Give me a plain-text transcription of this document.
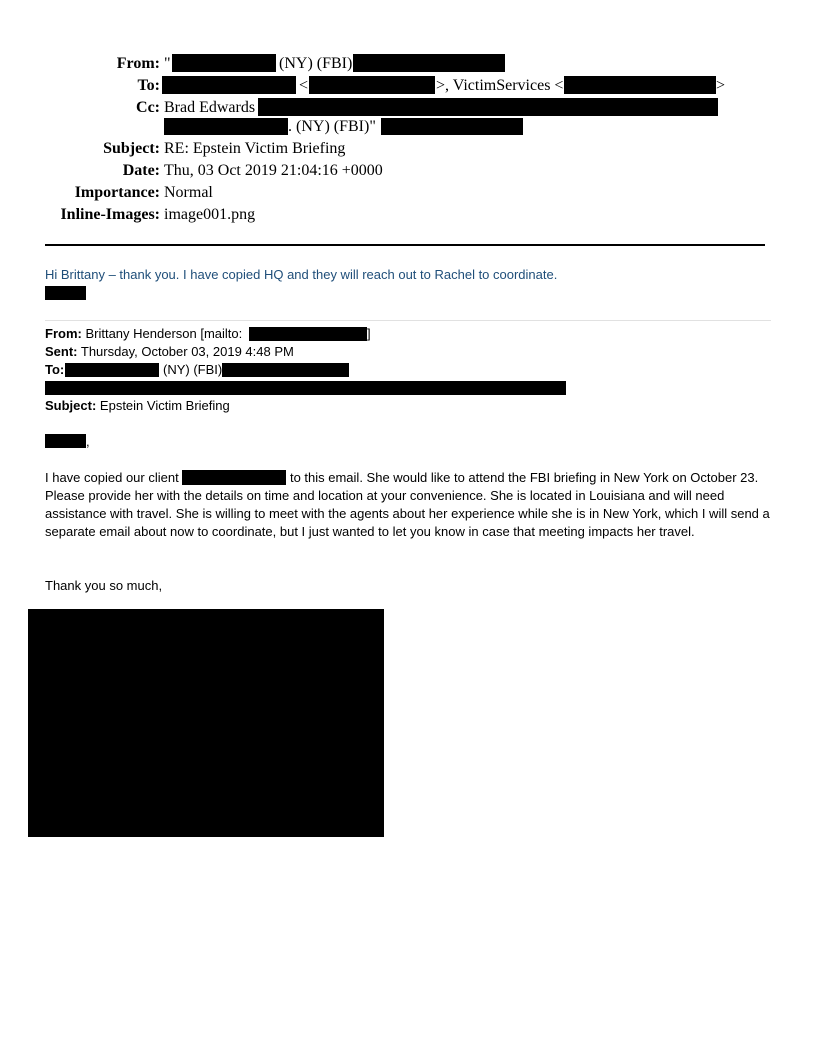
From: "	(NY) (FBI)
To:	<	>, VictimServices <	>
Cc: Brad Edwards
. (NY) (FBI)"
Subject: RE: Epstein Victim Briefing
Date: Thu, 03 Oct 2019 21:04:16 +0000
Importance: Normal
Inline-Images: image001.png
Hi Brittany – thank you. I have copied HQ and they will reach out to Rachel to coordinate.
From: Brittany Henderson [mailto:	]
Sent: Thursday, October 03, 2019 4:48 PM
To:	(NY) (FBI)
Subject: Epstein Victim Briefing
,
I have copied our client	to this email. She would like to attend the FBI briefing in New York on October 23. Please provide her with the details on time and location at your convenience. She is located in Louisiana and will need assistance with travel. She is willing to meet with the agents about her experience while she is in New York, which I will send a separate email about now to coordinate, but I just wanted to let you know in case that meeting impacts her travel.
Thank you so much,
